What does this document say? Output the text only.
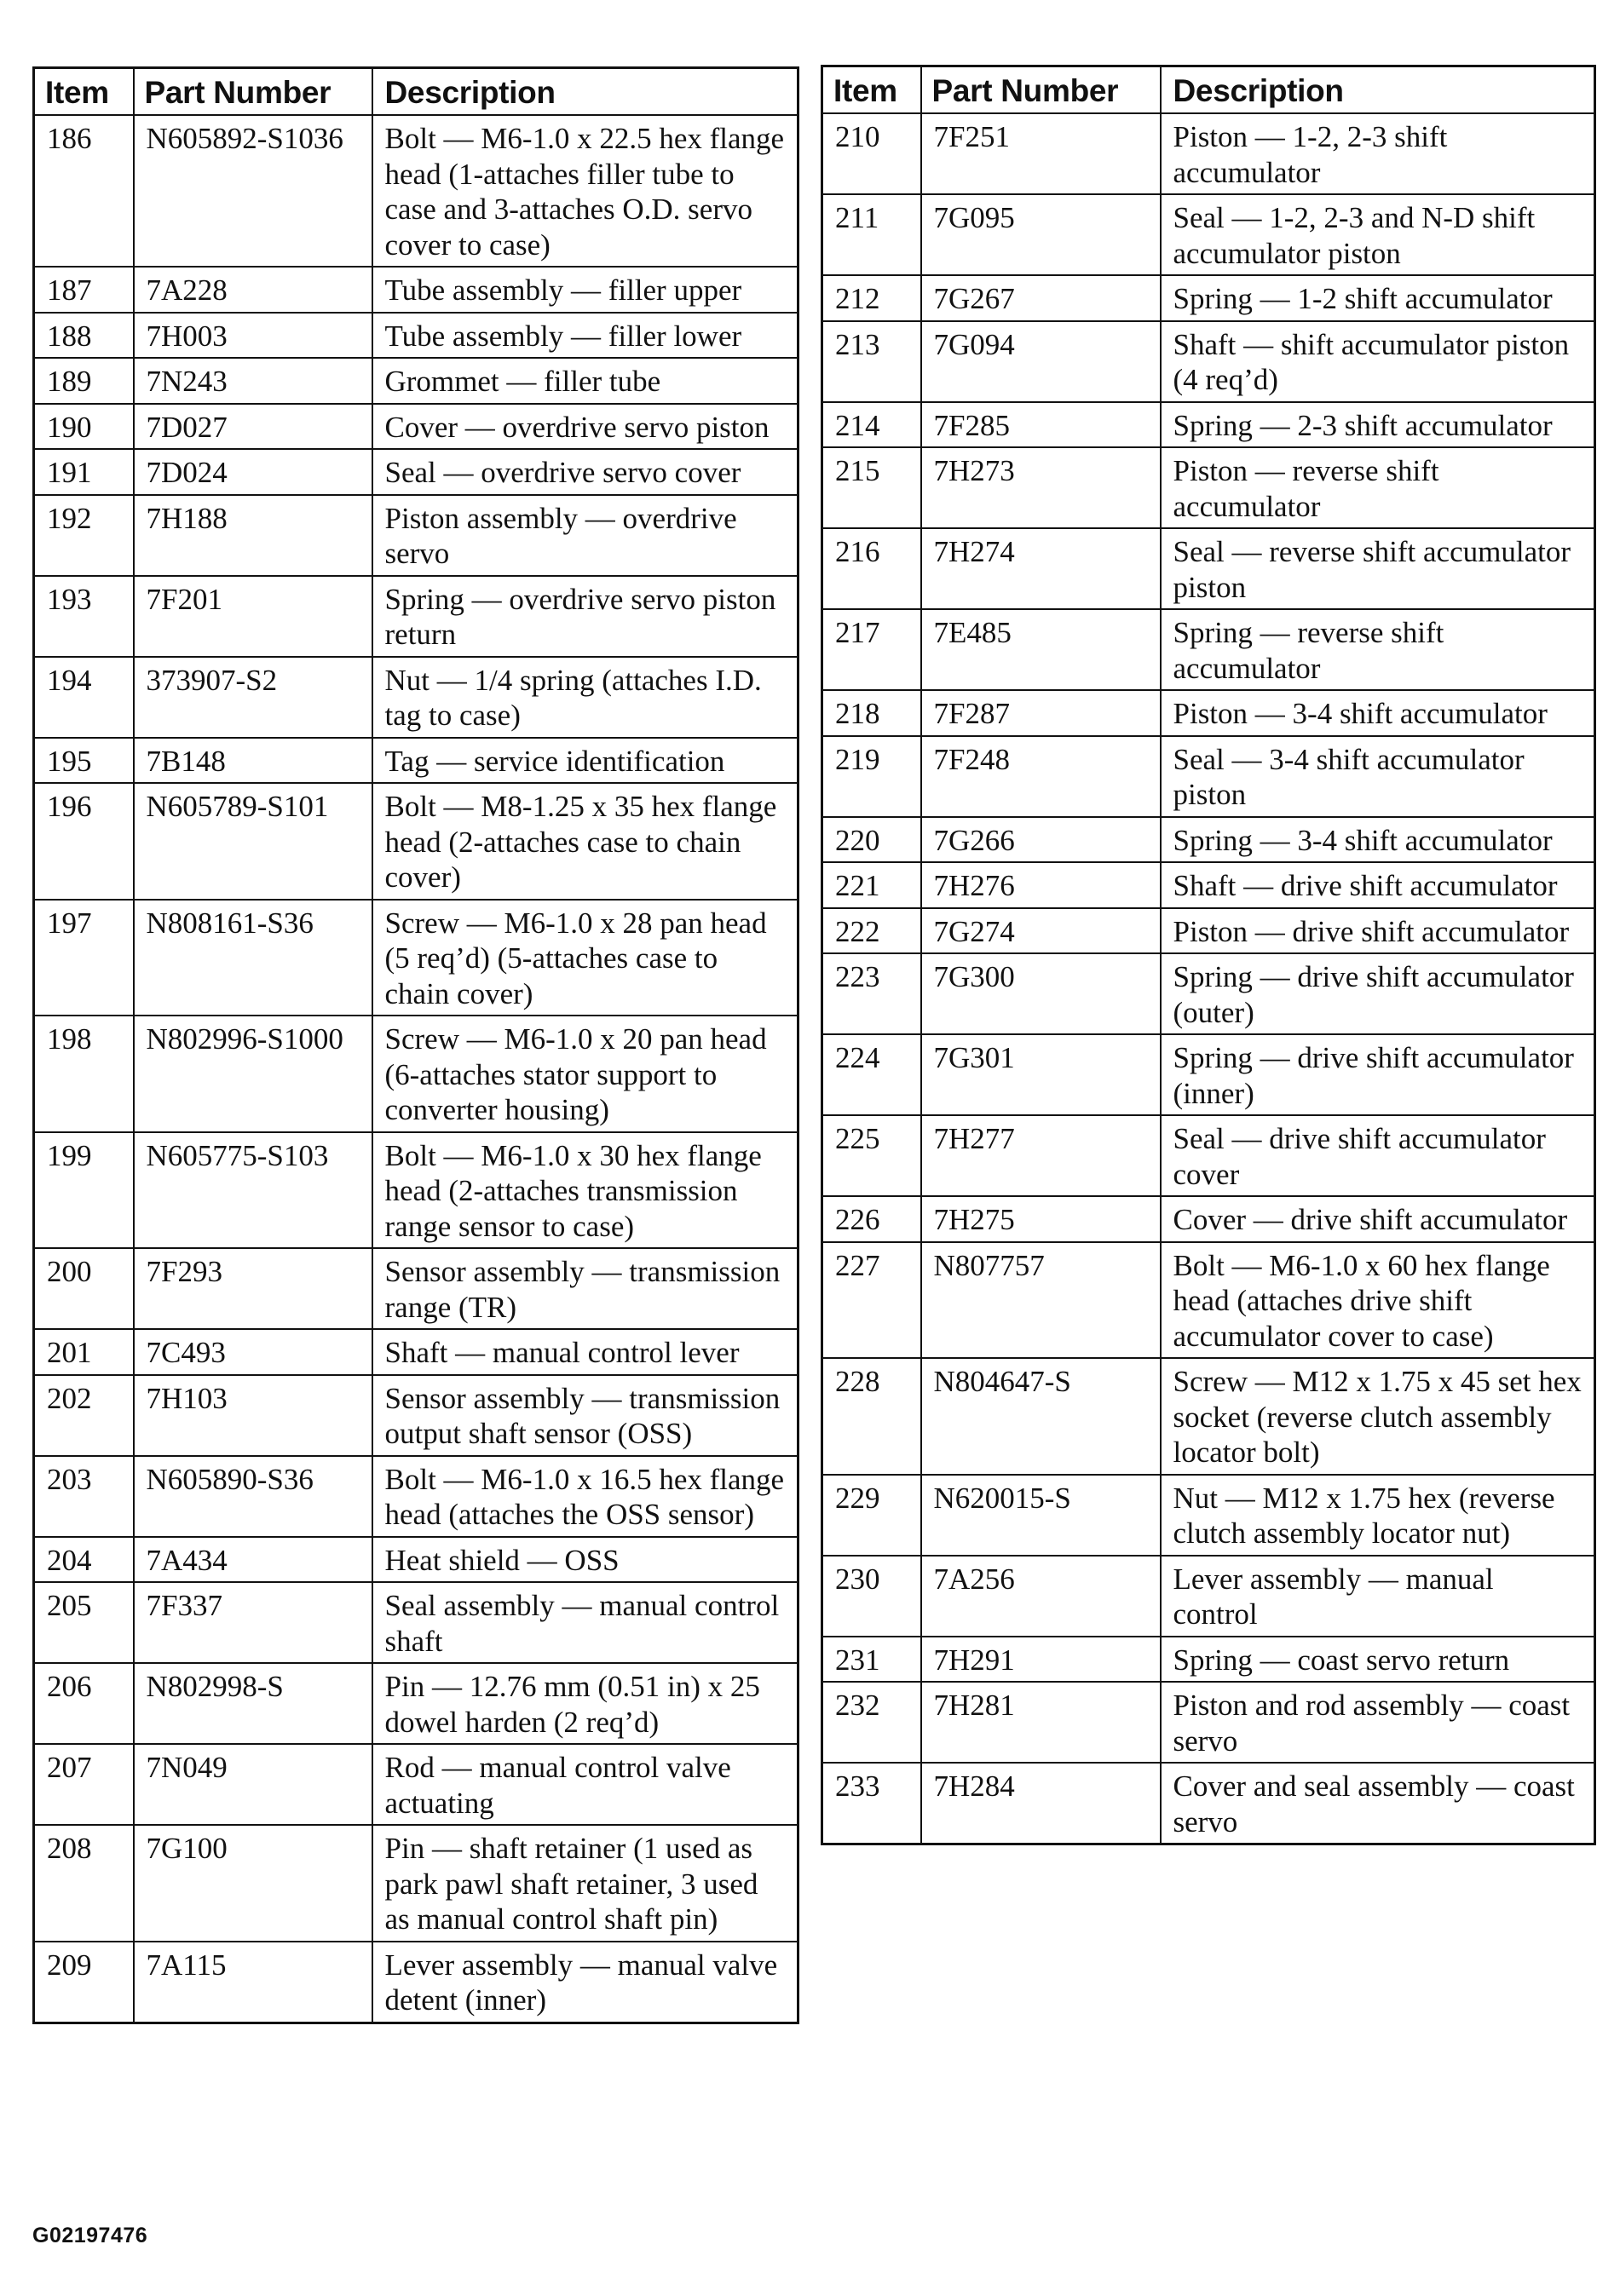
Item	Part Number	Description
186	N605892-S1036	Bolt — M6-1.0 x 22.5 hex flange head (1-attaches filler tube to case and 3-attaches O.D. servo cover to case)
187	7A228	Tube assembly — filler upper
188	7H003	Tube assembly — filler lower
189	7N243	Grommet — filler tube
190	7D027	Cover — overdrive servo piston
191	7D024	Seal — overdrive servo cover
192	7H188	Piston assembly — overdrive servo
193	7F201	Spring — overdrive servo piston return
194	373907-S2	Nut — 1/4 spring (attaches I.D. tag to case)
195	7B148	Tag — service identification
196	N605789-S101	Bolt — M8-1.25 x 35 hex flange head (2-attaches case to chain cover)
197	N808161-S36	Screw — M6-1.0 x 28 pan head (5 req’d) (5-attaches case to chain cover)
198	N802996-S1000	Screw — M6-1.0 x 20 pan head (6-attaches stator support to converter housing)
199	N605775-S103	Bolt — M6-1.0 x 30 hex flange head (2-attaches transmission range sensor to case)
200	7F293	Sensor assembly — transmission range (TR)
201	7C493	Shaft — manual control lever
202	7H103	Sensor assembly — transmission output shaft sensor (OSS)
203	N605890-S36	Bolt — M6-1.0 x 16.5 hex flange head (attaches the OSS sensor)
204	7A434	Heat shield — OSS
205	7F337	Seal assembly — manual control shaft
206	N802998-S	Pin — 12.76 mm (0.51 in) x 25 dowel harden (2 req’d)
207	7N049	Rod — manual control valve actuating
208	7G100	Pin — shaft retainer (1 used as park pawl shaft retainer, 3 used as manual control shaft pin)
209	7A115	Lever assembly — manual valve detent (inner)
Item	Part Number	Description
210	7F251	Piston — 1-2, 2-3 shift accumulator
211	7G095	Seal — 1-2, 2-3 and N-D shift accumulator piston
212	7G267	Spring — 1-2 shift accumulator
213	7G094	Shaft — shift accumulator piston (4 req’d)
214	7F285	Spring — 2-3 shift accumulator
215	7H273	Piston — reverse shift accumulator
216	7H274	Seal — reverse shift accumulator piston
217	7E485	Spring — reverse shift accumulator
218	7F287	Piston — 3-4 shift accumulator
219	7F248	Seal — 3-4 shift accumulator piston
220	7G266	Spring — 3-4 shift accumulator
221	7H276	Shaft — drive shift accumulator
222	7G274	Piston — drive shift accumulator
223	7G300	Spring — drive shift accumulator (outer)
224	7G301	Spring — drive shift accumulator (inner)
225	7H277	Seal — drive shift accumulator cover
226	7H275	Cover — drive shift accumulator
227	N807757	Bolt — M6-1.0 x 60 hex flange head (attaches drive shift accumulator cover to case)
228	N804647-S	Screw — M12 x 1.75 x 45 set hex socket (reverse clutch assembly locator bolt)
229	N620015-S	Nut — M12 x 1.75 hex (reverse clutch assembly locator nut)
230	7A256	Lever assembly — manual control
231	7H291	Spring — coast servo return
232	7H281	Piston and rod assembly — coast servo
233	7H284	Cover and seal assembly — coast servo
G02197476
